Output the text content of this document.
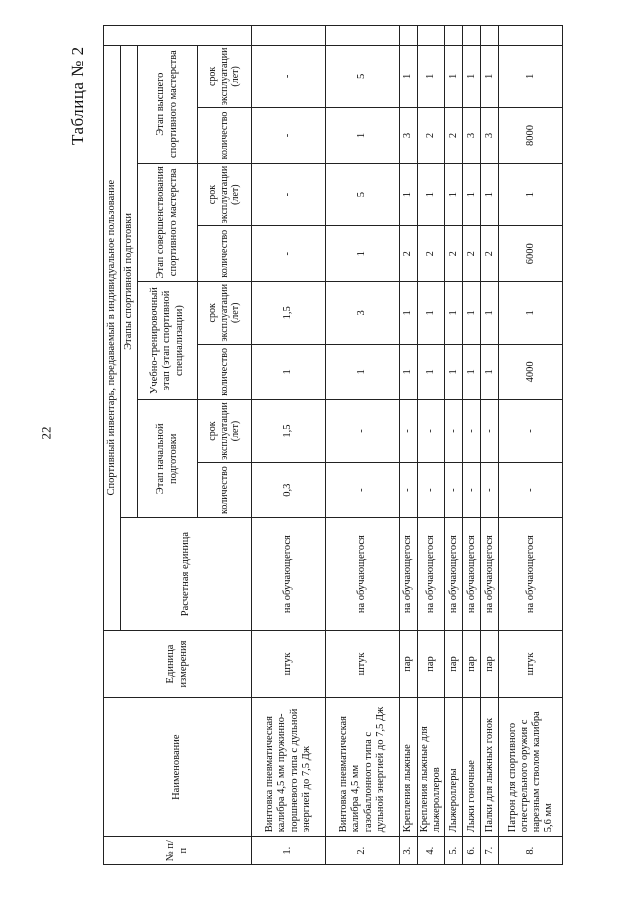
22
Таблица № 2
№ п/п	Наименование	Единица измерения	Спортивный инвентарь, передаваемый в индивидуальное пользование									
			Расчетная единица	Этапы спортивной подготовки								
				Этап начальной подготовки		Учебно-тренировочный этап (этап спортивной специализации)		Этап совершенствования спортивного мастерства		Этап высшего спортивного мастерства		
				количество	срок эксплуатации (лет)	количество	срок эксплуатации (лет)	количество	срок эксплуатации (лет)	количество	срок эксплуатации (лет)	
1.	Винтовка пневматическая калибра 4,5 мм пружинно-поршневого типа с дульной энергией до 7,5 Дж	штук	на обучающегося	0,3	1,5	1	1,5	-	-	-	-	
2.	Винтовка пневматическая калибра 4,5 мм газобаллонного типа с дульной энергией до 7,5 Дж	штук	на обучающегося	-	-	1	3	1	5	1	5	
3.	Крепления лыжные	пар	на обучающегося	-	-	1	1	2	1	3	1	
4.	Крепления лыжные для лыжероллеров	пар	на обучающегося	-	-	1	1	2	1	2	1	
5.	Лыжероллеры	пар	на обучающегося	-	-	1	1	2	1	2	1	
6.	Лыжи гоночные	пар	на обучающегося	-	-	1	1	2	1	3	1	
7.	Палки для лыжных гонок	пар	на обучающегося	-	-	1	1	2	1	3	1	
8.	Патрон для спортивного огнестрельного оружия с нарезным стволом калибра 5,6 мм	штук	на обучающегося	-	-	4000	1	6000	1	8000	1	
